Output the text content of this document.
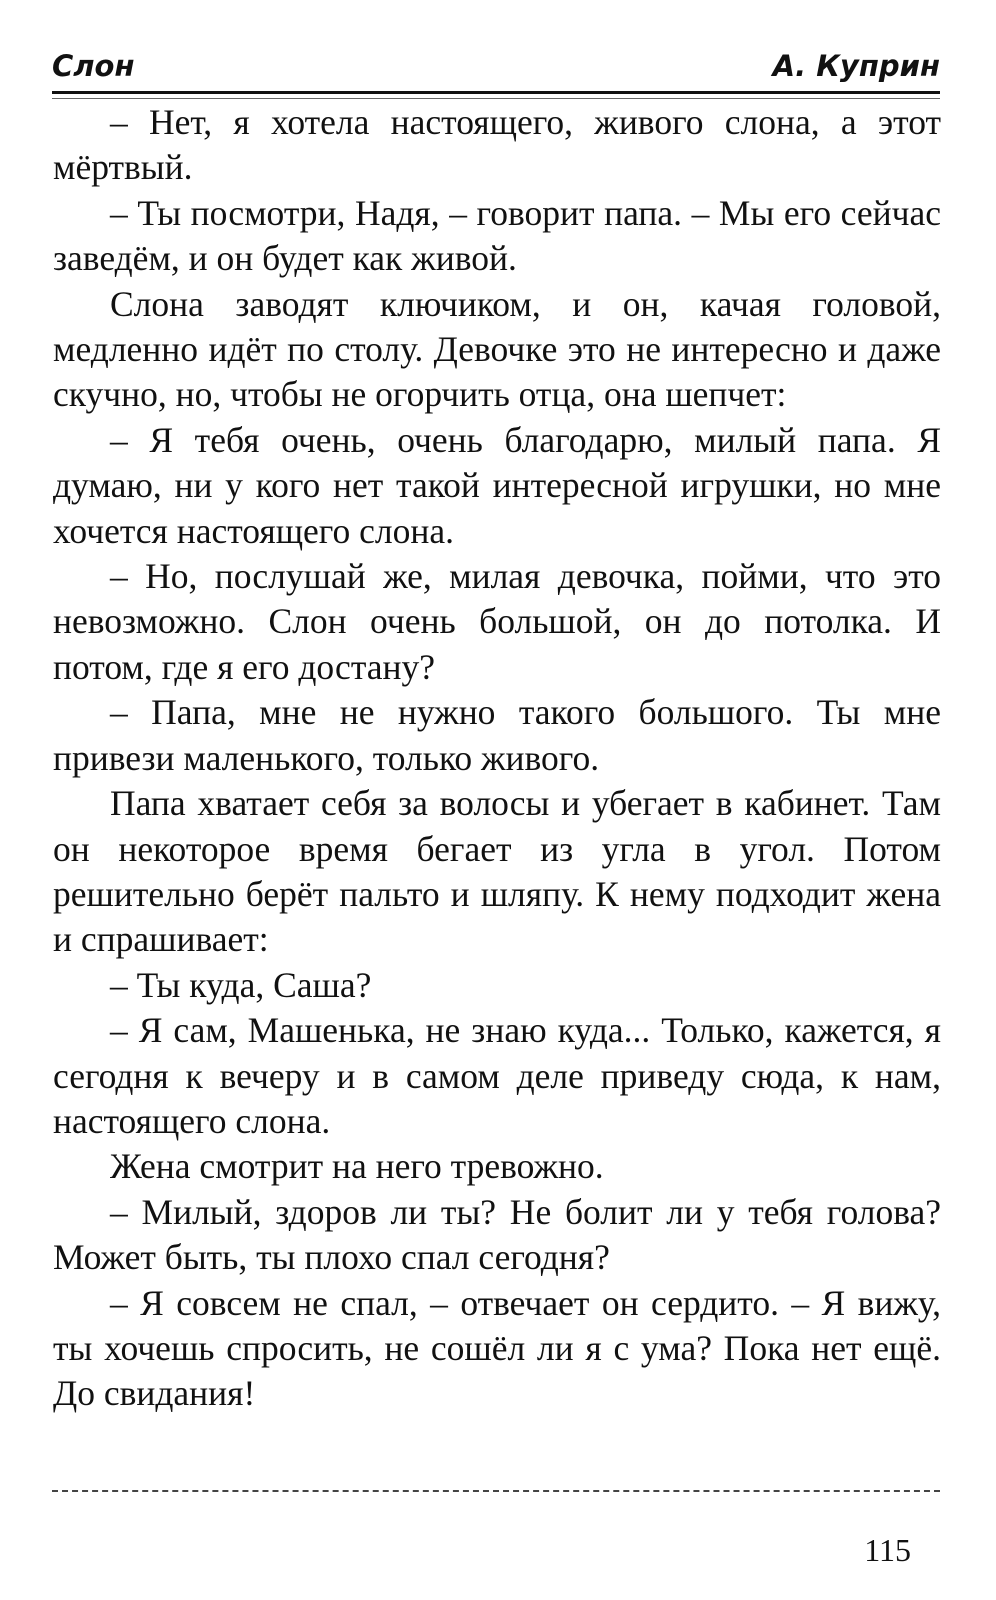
Слон	А. Куприн

– Нет, я хотела настоящего, живого слона, а этот мёртвый.

– Ты посмотри, Надя, – говорит папа. – Мы его сейчас заведём, и он будет как живой.

Слона заводят ключиком, и он, качая головой, медленно идёт по столу. Девочке это не интересно и даже скучно, но, чтобы не огорчить отца, она шепчет:

– Я тебя очень, очень благодарю, милый папа. Я думаю, ни у кого нет такой интересной игрушки, но мне хочется настоящего слона.

– Но, послушай же, милая девочка, пойми, что это невозможно. Слон очень большой, он до потолка. И потом, где я его достану?

– Папа, мне не нужно такого большого. Ты мне привези маленького, только живого.

Папа хватает себя за волосы и убегает в кабинет. Там он некоторое время бегает из угла в угол. Потом решительно берёт пальто и шляпу. К нему подходит жена и спрашивает:

– Ты куда, Саша?

– Я сам, Машенька, не знаю куда... Только, кажется, я сегодня к вечеру и в самом деле приведу сюда, к нам, настоящего слона.

Жена смотрит на него тревожно.

– Милый, здоров ли ты? Не болит ли у тебя голова? Может быть, ты плохо спал сегодня?

– Я совсем не спал, – отвечает он сердито. – Я вижу, ты хочешь спросить, не сошёл ли я с ума? Пока нет ещё. До свидания!

115
